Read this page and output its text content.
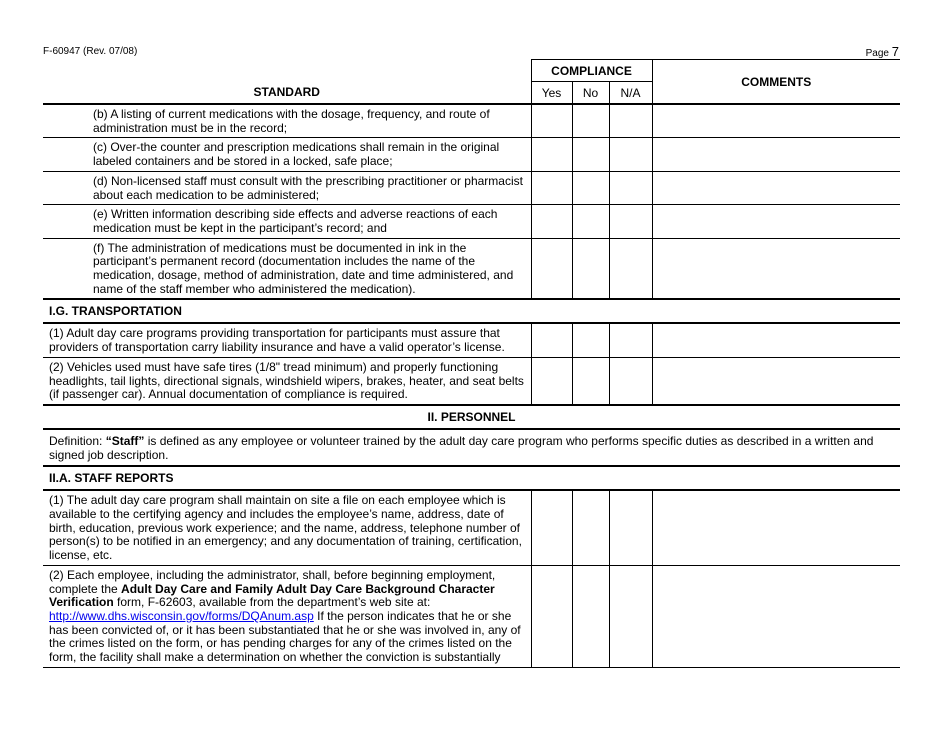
F-60947 (Rev. 07/08)	Page 7
	COMPLIANCE			COMMENTS
STANDARD	Yes	No	N/A	

(b) A listing of current medications with the dosage, frequency, and route of administration must be in the record;				

(c) Over-the counter and prescription medications shall remain in the original labeled containers and be stored in a locked, safe place;				

(d) Non-licensed staff must consult with the prescribing practitioner or pharmacist about each medication to be administered;				

(e) Written information describing side effects and adverse reactions of each medication must be kept in the participant’s record; and				

(f) The administration of medications must be documented in ink in the participant’s permanent record (documentation includes the name of the medication, dosage, method of administration, date and time administered, and name of the staff member who administered the medication).				

I.G. TRANSPORTATION				

(1) Adult day care programs providing transportation for participants must assure that providers of transportation carry liability insurance and have a valid operator’s license.				

(2) Vehicles used must have safe tires (1/8" tread minimum) and properly functioning headlights, tail lights, directional signals, windshield wipers, brakes, heater, and seat belts (if passenger car). Annual documentation of compliance is required.				

II. PERSONNEL				
Definition: “Staff” is defined as any employee or volunteer trained by the adult day care program who performs specific duties as described in a written and signed job description.				
II.A. STAFF REPORTS				

(1) The adult day care program shall maintain on site a file on each employee which is available to the certifying agency and includes the employee’s name, address, date of birth, education, previous work experience; and the name, address, telephone number of person(s) to be notified in an emergency; and any documentation of training, certification, license, etc.				

(2) Each employee, including the administrator, shall, before beginning employment, complete the Adult Day Care and Family Adult Day Care Background Character Verification form, F-62603, available from the department’s web site at:
http://www.dhs.wisconsin.gov/forms/DQAnum.asp If the person indicates that he or she has been convicted of, or it has been substantiated that he or she was involved in, any of the crimes listed on the form, or has pending charges for any of the crimes listed on the form, the facility shall make a determination on whether the conviction is substantially				
